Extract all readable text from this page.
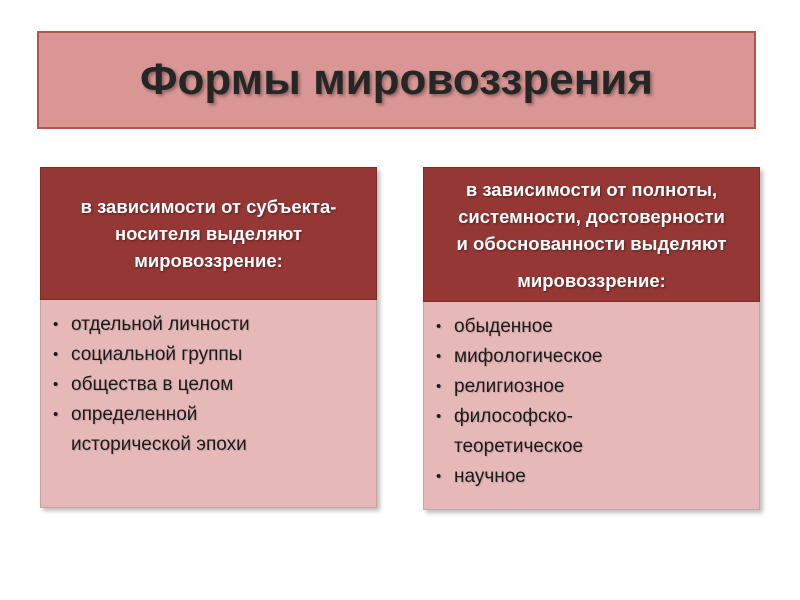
Формы мировоззрения
в зависимости от субъекта-
носителя выделяют
мировоззрение:
• отдельной личности
• социальной группы
• общества в целом
• определенной
исторической эпохи
в зависимости от полноты,
системности, достоверности
и обоснованности выделяют
мировоззрение:
• обыденное
• мифологическое
• религиозное
• философско-
теоретическое
• научное
